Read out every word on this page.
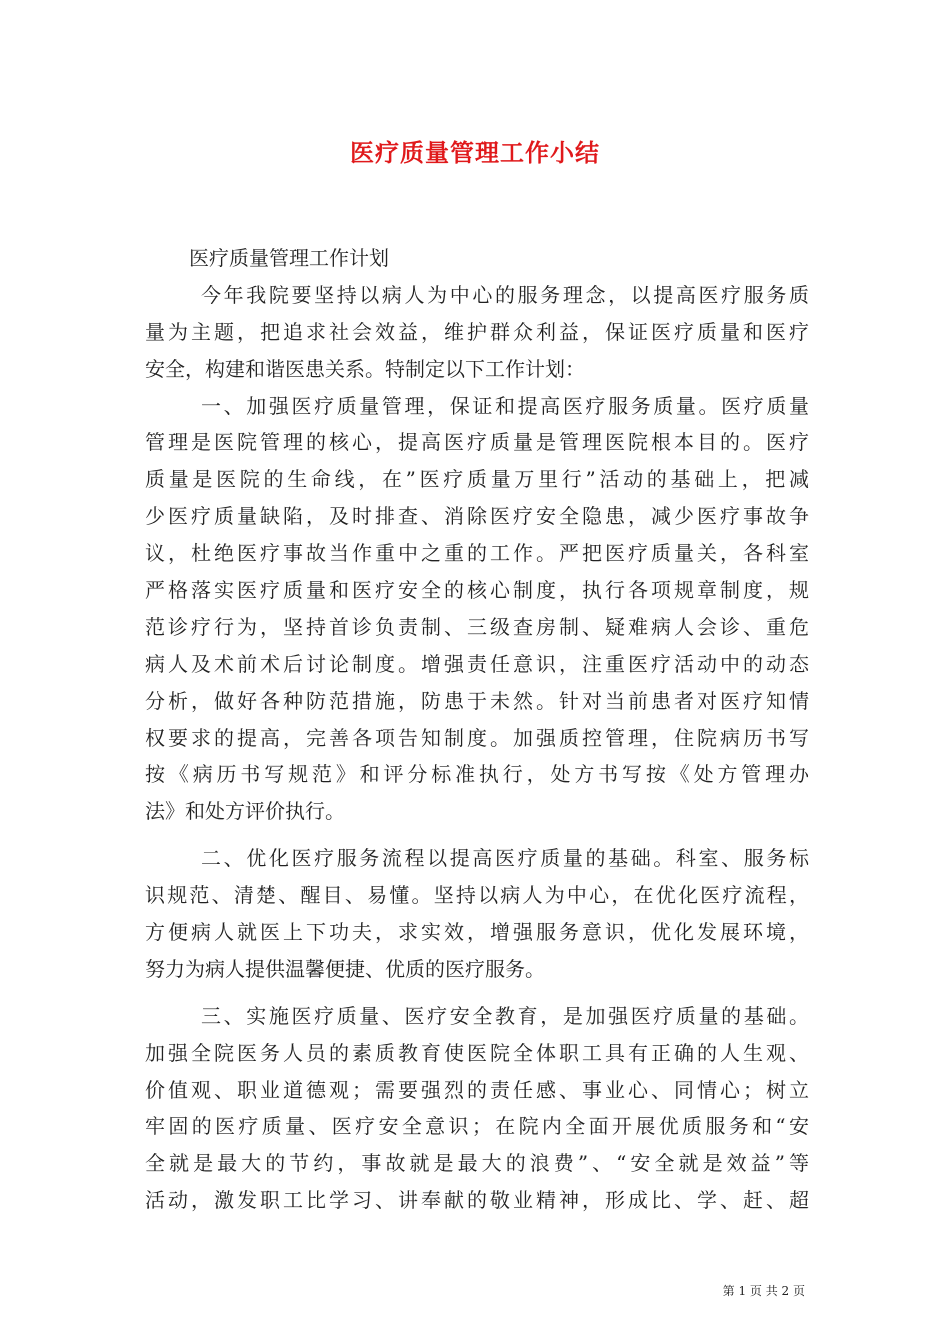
医疗质量管理工作小结
医疗质量管理工作计划
今年我院要坚持以病人为中心的服务理念，以提高医疗服务质
量为主题，把追求社会效益，维护群众利益，保证医疗质量和医疗
安全，构建和谐医患关系。特制定以下工作计划：
一、加强医疗质量管理，保证和提高医疗服务质量。医疗质量
管理是医院管理的核心，提高医疗质量是管理医院根本目的。医疗
质量是医院的生命线，在”医疗质量万里行”活动的基础上，把减
少医疗质量缺陷，及时排查、消除医疗安全隐患，减少医疗事故争
议，杜绝医疗事故当作重中之重的工作。严把医疗质量关，各科室
严格落实医疗质量和医疗安全的核心制度，执行各项规章制度，规
范诊疗行为，坚持首诊负责制、三级查房制、疑难病人会诊、重危
病人及术前术后讨论制度。增强责任意识，注重医疗活动中的动态
分析，做好各种防范措施，防患于未然。针对当前患者对医疗知情
权要求的提高，完善各项告知制度。加强质控管理，住院病历书写
按《病历书写规范》和评分标准执行，处方书写按《处方管理办
法》和处方评价执行。
二、优化医疗服务流程以提高医疗质量的基础。科室、服务标
识规范、清楚、醒目、易懂。坚持以病人为中心，在优化医疗流程，
方便病人就医上下功夫，求实效，增强服务意识，优化发展环境，
努力为病人提供温馨便捷、优质的医疗服务。
三、实施医疗质量、医疗安全教育，是加强医疗质量的基础。
加强全院医务人员的素质教育使医院全体职工具有正确的人生观、
价值观、职业道德观；需要强烈的责任感、事业心、同情心；树立
牢固的医疗质量、医疗安全意识；在院内全面开展优质服务和“安
全就是最大的节约，事故就是最大的浪费”、“安全就是效益”等
活动，激发职工比学习、讲奉献的敬业精神，形成比、学、赶、超
第 1 页 共 2 页
